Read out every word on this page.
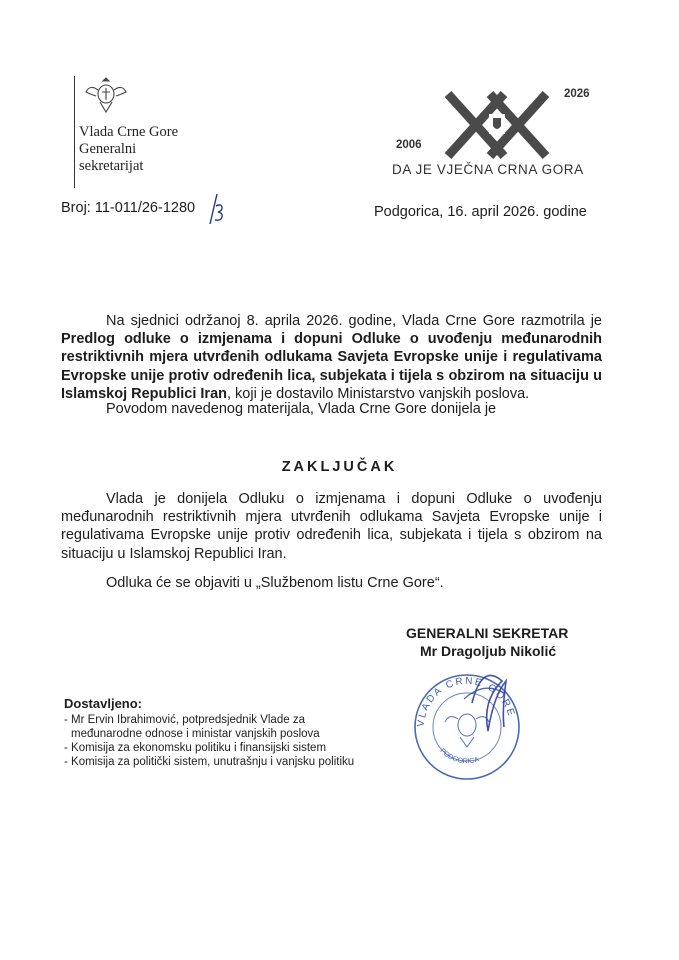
Vlada Crne Gore
Generalni
sekretarijat
2026
2006
DA JE VJEČNA CRNA GORA
Broj: 11-011/26-1280	Podgorica, 16. april 2026. godine
Na sjednici održanoj 8. aprila 2026. godine, Vlada Crne Gore razmotrila je Predlog odluke o izmjenama i dopuni Odluke o uvođenju međunarodnih restriktivnih mjera utvrđenih odlukama Savjeta Evropske unije i regulativama Evropske unije protiv određenih lica, subjekata i tijela s obzirom na situaciju u Islamskoj Republici Iran, koji je dostavilo Ministarstvo vanjskih poslova.
Povodom navedenog materijala, Vlada Crne Gore donijela je
ZAKLJUČAK
Vlada je donijela Odluku o izmjenama i dopuni Odluke o uvođenju međunarodnih restriktivnih mjera utvrđenih odlukama Savjeta Evropske unije i regulativama Evropske unije protiv određenih lica, subjekata i tijela s obzirom na situaciju u Islamskoj Republici Iran.
Odluka će se objaviti u „Službenom listu Crne Gore“.
GENERALNI SEKRETAR
Mr Dragoljub Nikolić
VLADA CRNE GORE
PODGORICA
Dostavljeno:
- Mr Ervin Ibrahimović, potpredsjednik Vlade za
međunarodne odnose i ministar vanjskih poslova
- Komisija za ekonomsku politiku i finansijski sistem
- Komisija za politički sistem, unutrašnju i vanjsku politiku
